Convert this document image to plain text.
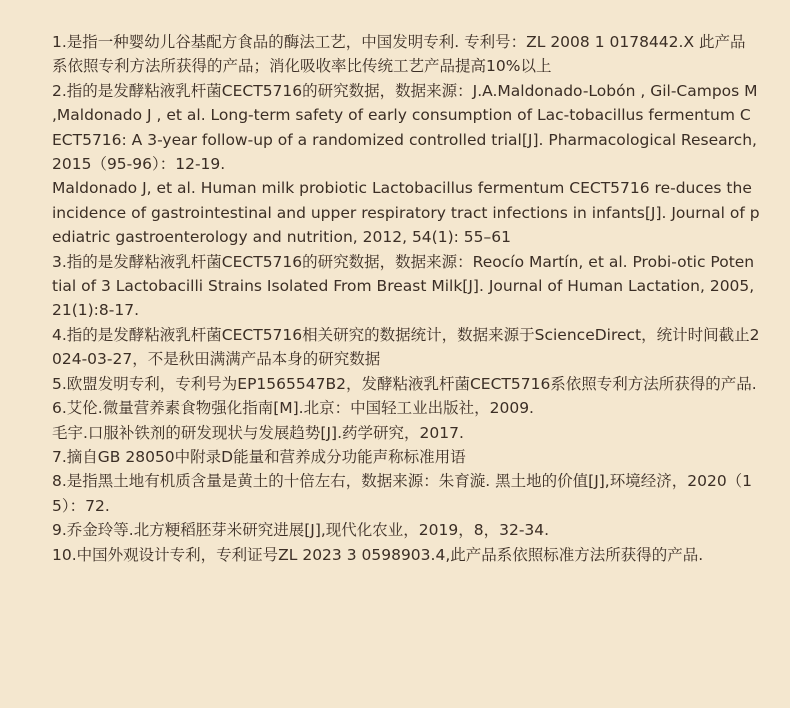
1.是指一种婴幼儿谷基配方食品的酶法工艺，中国发明专利. 专利号：ZL 2008 1 0178442.X 此产品系依照专利方法所获得的产品；消化吸收率比传统工艺产品提高10%以上
2.指的是发酵粘液乳杆菌CECT5716的研究数据，数据来源：J.A.Maldonado-Lobón , Gil-Campos M ,Maldonado J , et al. Long-term safety of early consumption of Lac-tobacillus fermentum CECT5716: A 3-year follow-up of a randomized controlled trial[J]. Pharmacological Research, 2015（95-96）：12-19.
Maldonado J, et al. Human milk probiotic Lactobacillus fermentum CECT5716 re-duces the incidence of gastrointestinal and upper respiratory tract infections in infants[J]. Journal of pediatric gastroenterology and nutrition, 2012, 54(1): 55–61
3.指的是发酵粘液乳杆菌CECT5716的研究数据，数据来源：Reocío Martín, et al. Probi-otic Potential of 3 Lactobacilli Strains Isolated From Breast Milk[J]. Journal of Human Lactation, 2005, 21(1):8-17.
4.指的是发酵粘液乳杆菌CECT5716相关研究的数据统计，数据来源于ScienceDirect，统计时间截止2024-03-27，不是秋田满满产品本身的研究数据
5.欧盟发明专利，专利号为EP1565547B2，发酵粘液乳杆菌CECT5716系依照专利方法所获得的产品.
6.艾伦.微量营养素食物强化指南[M].北京：中国轻工业出版社，2009.
毛宇.口服补铁剂的研发现状与发展趋势[J].药学研究，2017.
7.摘自GB 28050中附录D能量和营养成分功能声称标准用语
8.是指黑土地有机质含量是黄土的十倍左右，数据来源：朱育漩. 黑土地的价值[J],环境经济，2020（15）：72.
9.乔金玲等.北方粳稻胚芽米研究进展[J],现代化农业，2019，8，32-34.
10.中国外观设计专利，专利证号ZL 2023 3 0598903.4,此产品系依照标准方法所获得的产品.
